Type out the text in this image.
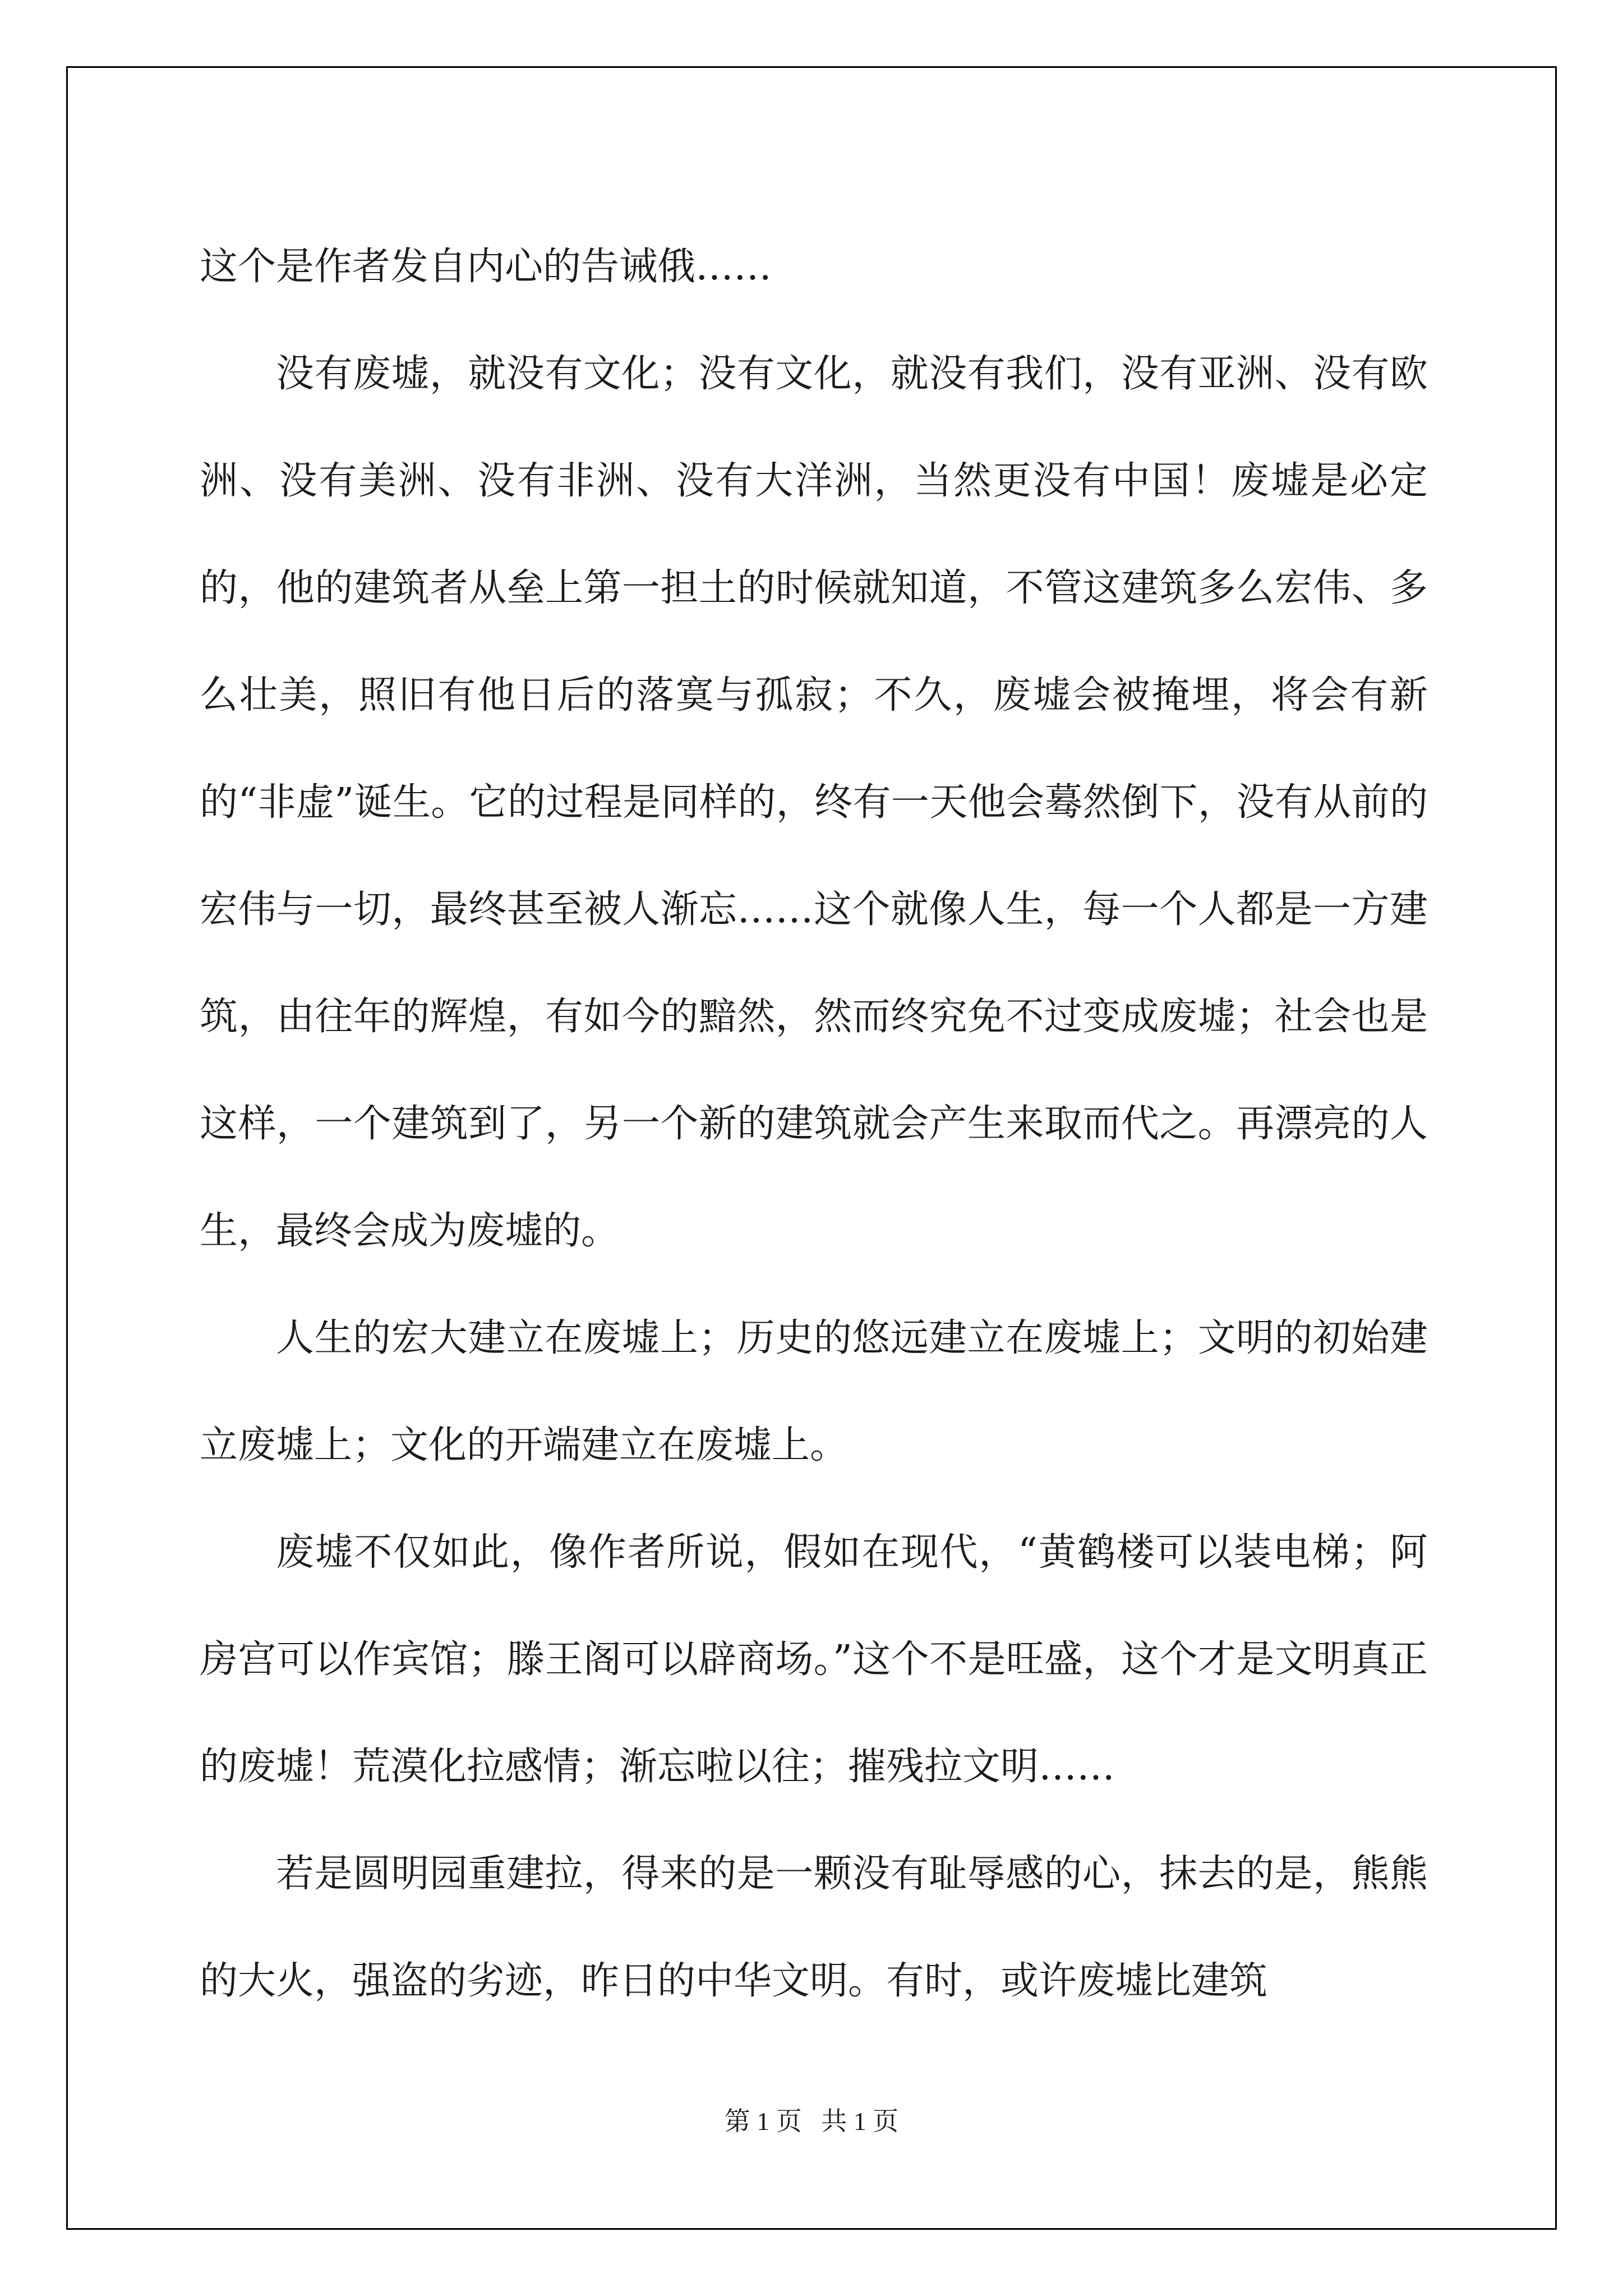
这个是作者发自内心的告诫俄……

没有废墟，就没有文化；没有文化，就没有我们，没有亚洲、没有欧洲、没有美洲、没有非洲、没有大洋洲，当然更没有中国！废墟是必定的，他的建筑者从垒上第一担土的时候就知道，不管这建筑多么宏伟、多么壮美，照旧有他日后的落寞与孤寂；不久，废墟会被掩埋，将会有新的“非虚”诞生。它的过程是同样的，终有一天他会蓦然倒下，没有从前的宏伟与一切，最终甚至被人渐忘……这个就像人生，每一个人都是一方建筑，由往年的辉煌，有如今的黯然，然而终究免不过变成废墟；社会也是这样，一个建筑到了，另一个新的建筑就会产生来取而代之。再漂亮的人生，最终会成为废墟的。

人生的宏大建立在废墟上；历史的悠远建立在废墟上；文明的初始建立废墟上；文化的开端建立在废墟上。

废墟不仅如此，像作者所说，假如在现代，“黄鹤楼可以装电梯；阿房宫可以作宾馆；滕王阁可以辟商场。”这个不是旺盛，这个才是文明真正的废墟！荒漠化拉感情；渐忘啦以往；摧残拉文明……

若是圆明园重建拉，得来的是一颗没有耻辱感的心，抹去的是，熊熊的大火，强盗的劣迹，昨日的中华文明。有时，或许废墟比建筑

第 1 页 共 1 页
